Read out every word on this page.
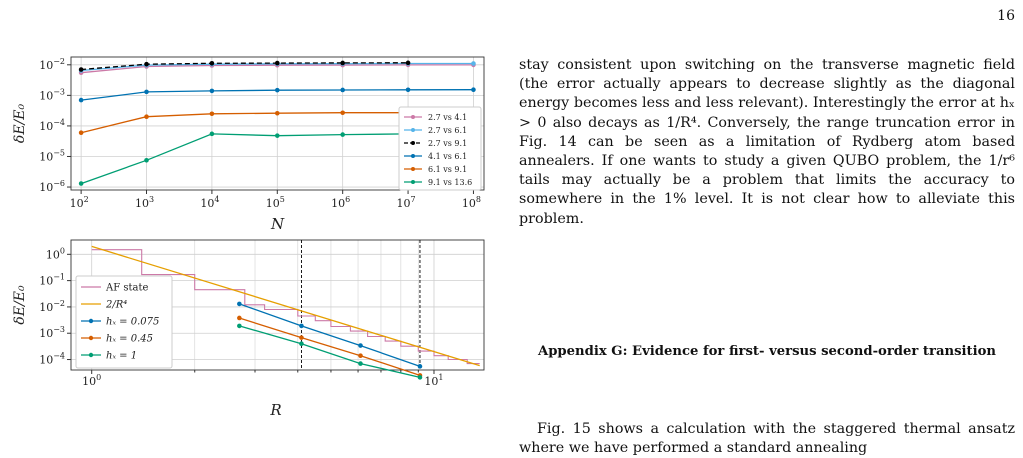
16
$10^2$	$10^3$	$10^4$	$10^5$	$10^6$	$10^7$	$10^8$
$10^{-2}$
$10^{-3}$
$10^{-4}$
$10^{-5}$
$10^{-6}$
δE/E₀
N
2.7 vs 4.1
2.7 vs 6.1
2.7 vs 9.1
4.1 vs 6.1
6.1 vs 9.1
9.1 vs 13.6
$10^0$	$10^1$
$10^0$
$10^{-1}$
$10^{-2}$
$10^{-3}$
$10^{-4}$
δE/E₀
R
AF state
2/R⁴
hₓ = 0.075
hₓ = 0.45
hₓ = 1

stay consistent upon switching on the transverse magnetic field (the error actually appears to decrease slightly as the diagonal energy becomes less and less relevant). Interestingly the error at hₓ > 0 also decays as 1/R⁴. Conversely, the range truncation error in Fig. 14 can be seen as a limitation of Rydberg atom based annealers. If one wants to study a given QUBO problem, the 1/r⁶ tails may actually be a problem that limits the accuracy to somewhere in the 1% level. It is not clear how to alleviate this problem.

Appendix G: Evidence for first- versus second-order transition
Fig. 15 shows a calculation with the staggered thermal ansatz where we have performed a standard annealing
